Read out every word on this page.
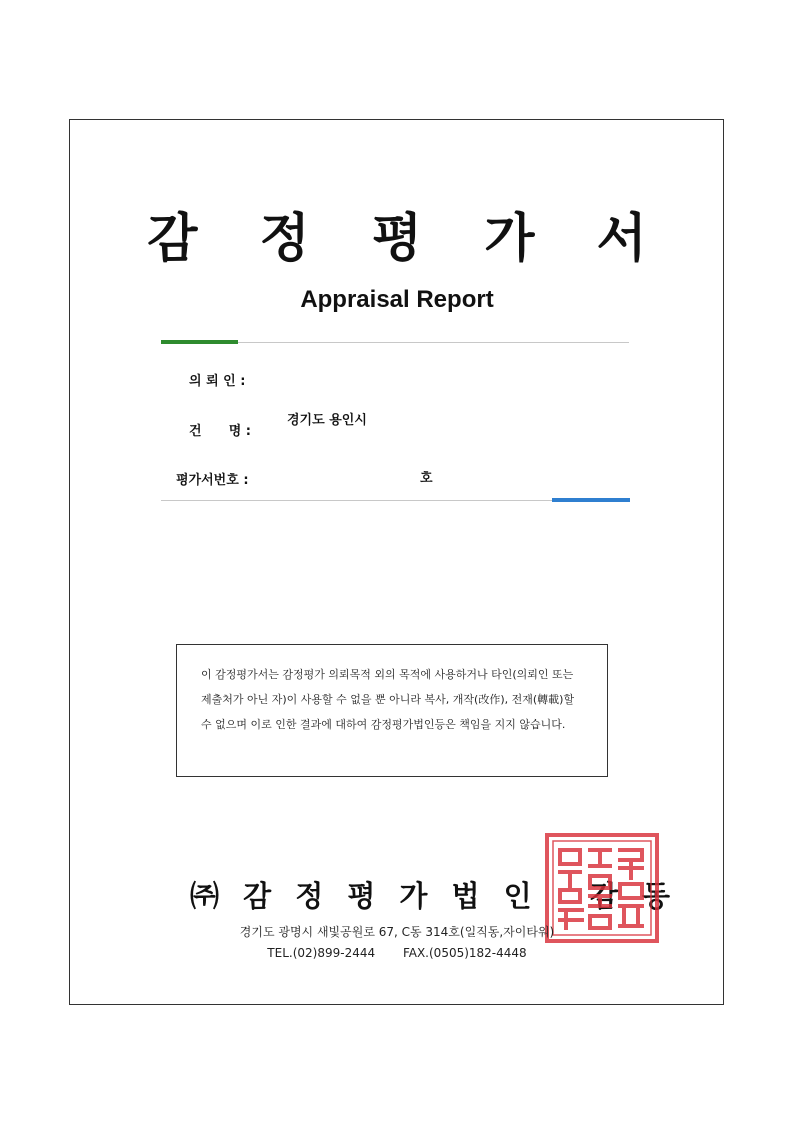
감 정 평 가 서
Appraisal Report
의 뢰 인 :
건      명 :
경기도 용인시
평가서번호 :	호
이 감정평가서는 감정평가 의뢰목적 외의 목적에 사용하거나 타인(의뢰인 또는 제출처가 아닌 자)이 사용할 수 없을 뿐 아니라 복사, 개작(改作), 전재(轉載)할 수 없으며 이로 인한 결과에 대하여 감정평가법인등은 책임을 지지 않습니다.
㈜ 감 정 평 가 법 인   감 동
경기도 광명시 새빛공원로 67, C동 314호(일직동,자이타워)
TEL.(02)899-2444 FAX.(0505)182-4448
